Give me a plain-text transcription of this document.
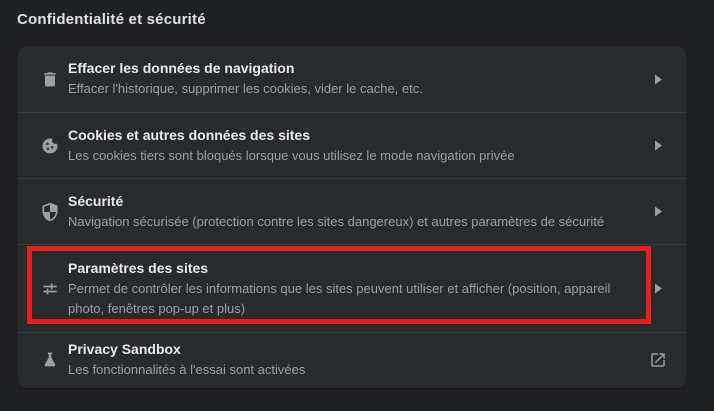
Confidentialité et sécurité
Effacer les données de navigation
Effacer l'historique, supprimer les cookies, vider le cache, etc.
Cookies et autres données des sites
Les cookies tiers sont bloqués lorsque vous utilisez le mode navigation privée
Sécurité
Navigation sécurisée (protection contre les sites dangereux) et autres paramètres de sécurité
Paramètres des sites
Permet de contrôler les informations que les sites peuvent utiliser et afficher (position, appareil photo, fenêtres pop-up et plus)
Privacy Sandbox
Les fonctionnalités à l'essai sont activées
